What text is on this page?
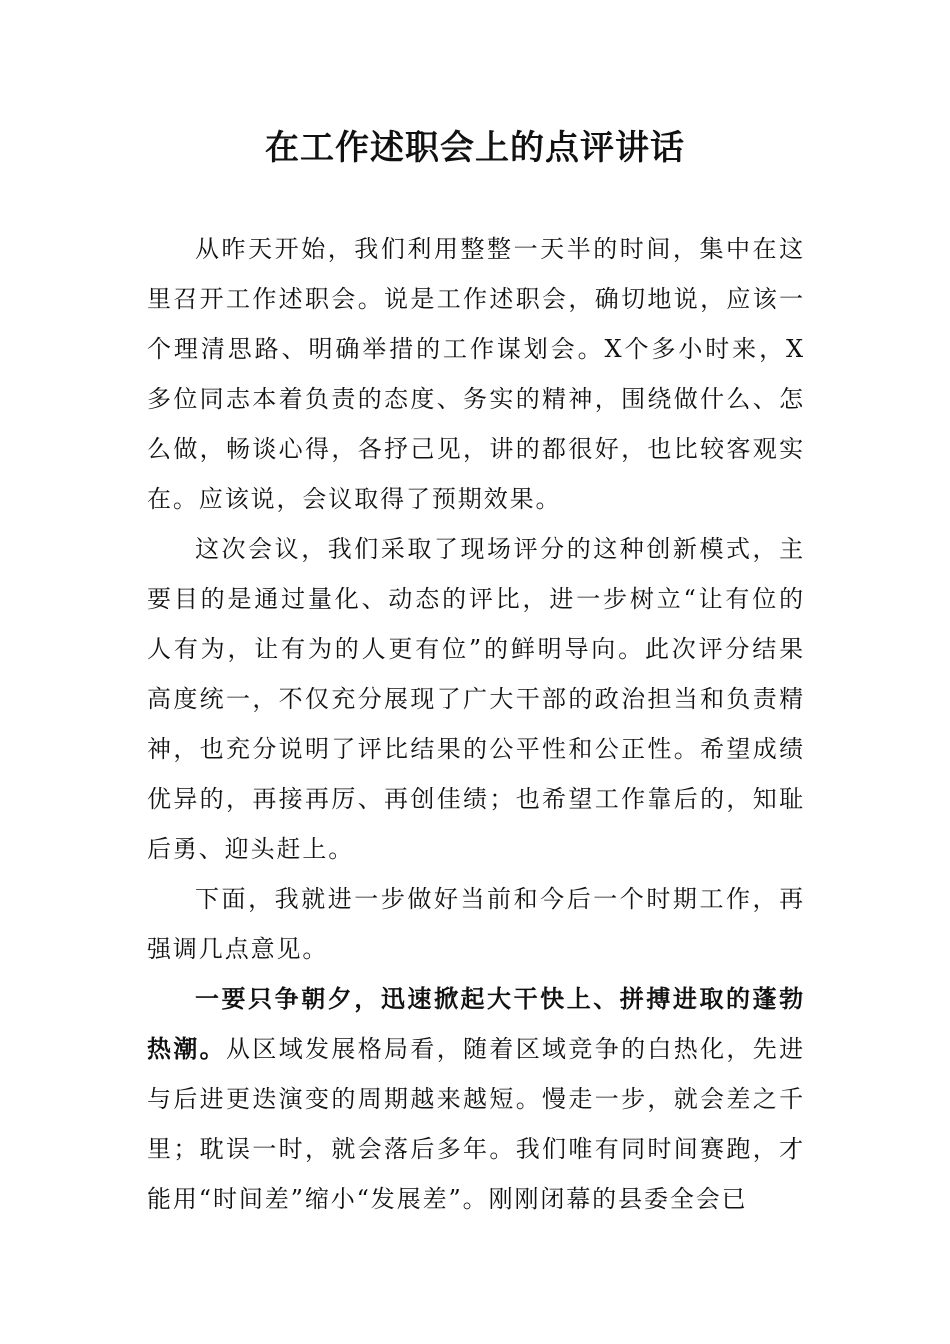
在工作述职会上的点评讲话

从昨天开始，我们利用整整一天半的时间，集中在这里召开工作述职会。说是工作述职会，确切地说，应该一个理清思路、明确举措的工作谋划会。X个多小时来，X多位同志本着负责的态度、务实的精神，围绕做什么、怎么做，畅谈心得，各抒己见，讲的都很好，也比较客观实在。应该说，会议取得了预期效果。

这次会议，我们采取了现场评分的这种创新模式，主要目的是通过量化、动态的评比，进一步树立“让有位的人有为，让有为的人更有位”的鲜明导向。此次评分结果高度统一，不仅充分展现了广大干部的政治担当和负责精神，也充分说明了评比结果的公平性和公正性。希望成绩优异的，再接再厉、再创佳绩；也希望工作靠后的，知耻后勇、迎头赶上。

下面，我就进一步做好当前和今后一个时期工作，再强调几点意见。

一要只争朝夕，迅速掀起大干快上、拼搏进取的蓬勃热潮。从区域发展格局看，随着区域竞争的白热化，先进与后进更迭演变的周期越来越短。慢走一步，就会差之千里；耽误一时，就会落后多年。我们唯有同时间赛跑，才能用“时间差”缩小“发展差”。刚刚闭幕的县委全会已
